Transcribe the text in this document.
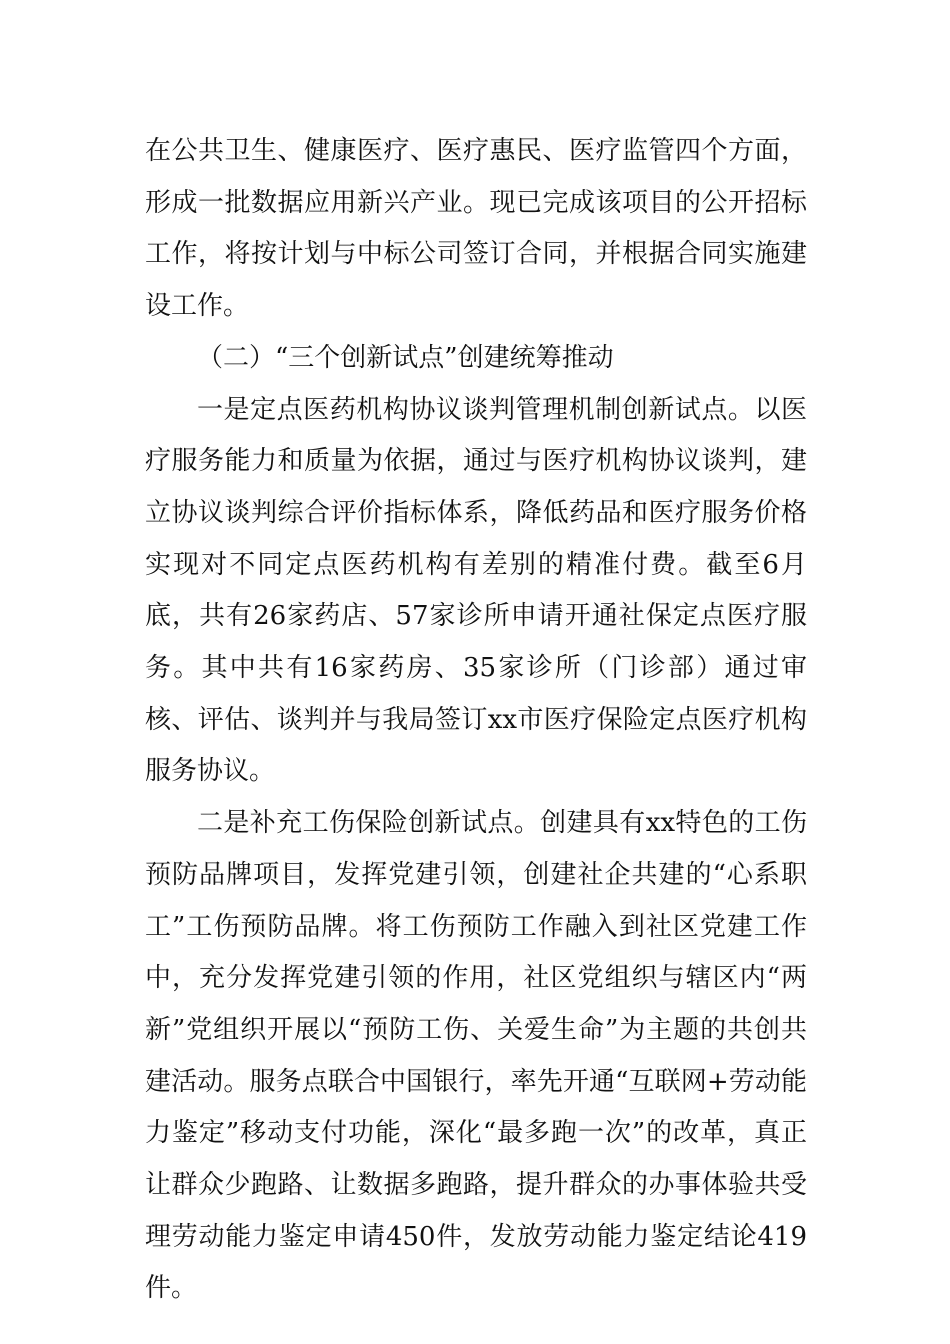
在公共卫生、健康医疗、医疗惠民、医疗监管四个方面，形成一批数据应用新兴产业。现已完成该项目的公开招标工作，将按计划与中标公司签订合同，并根据合同实施建设工作。

（二）“三个创新试点”创建统筹推动

一是定点医药机构协议谈判管理机制创新试点。以医疗服务能力和质量为依据，通过与医疗机构协议谈判，建立协议谈判综合评价指标体系，降低药品和医疗服务价格实现对不同定点医药机构有差别的精准付费。截至6月底，共有26家药店、57家诊所申请开通社保定点医疗服务。其中共有16家药房、35家诊所（门诊部）通过审核、评估、谈判并与我局签订xx市医疗保险定点医疗机构服务协议。

二是补充工伤保险创新试点。创建具有xx特色的工伤预防品牌项目，发挥党建引领，创建社企共建的“心系职工”工伤预防品牌。将工伤预防工作融入到社区党建工作中，充分发挥党建引领的作用，社区党组织与辖区内“两新”党组织开展以“预防工伤、关爱生命”为主题的共创共建活动。服务点联合中国银行，率先开通“互联网+劳动能力鉴定”移动支付功能，深化“最多跑一次”的改革，真正让群众少跑路、让数据多跑路，提升群众的办事体验共受理劳动能力鉴定申请450件，发放劳动能力鉴定结论419件。
